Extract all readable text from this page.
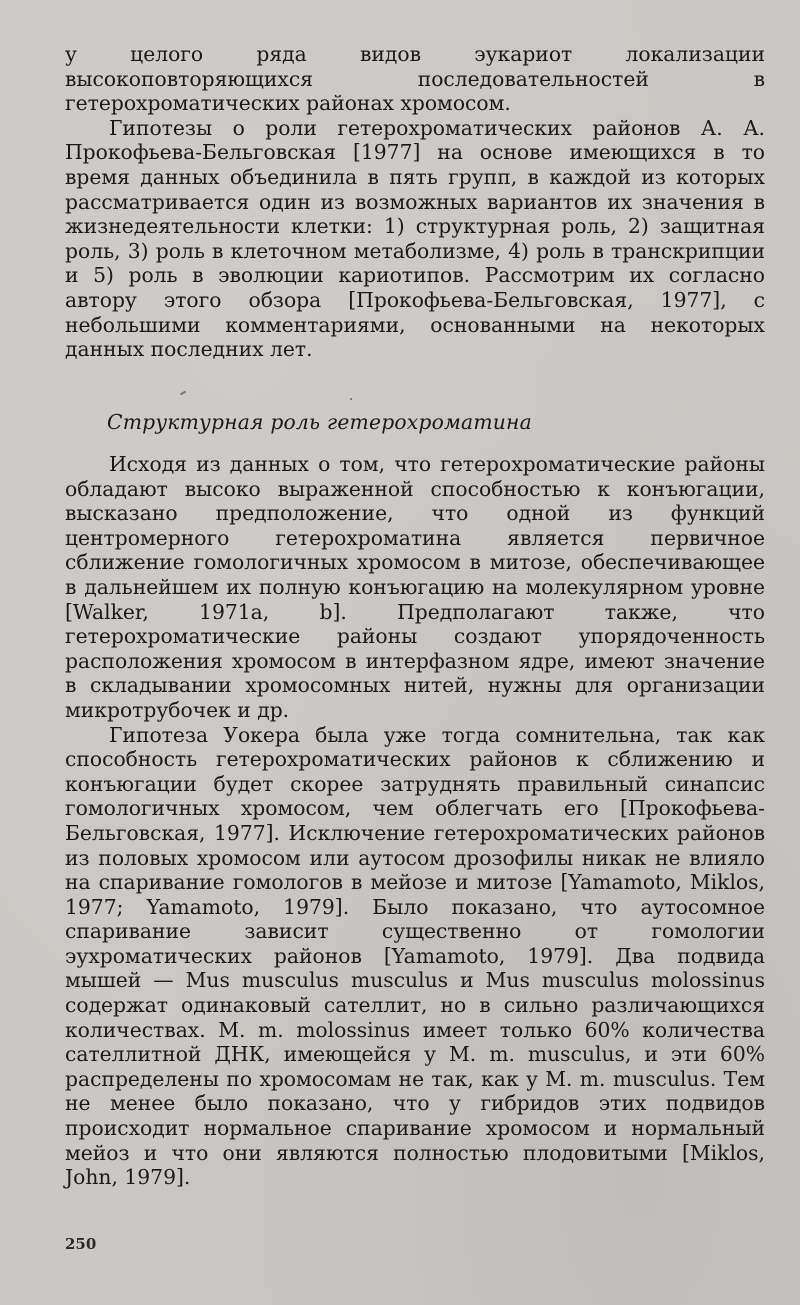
у целого ряда видов эукариот локализации высокоповторяющихся последовательностей в гетерохроматических районах хромосом.

Гипотезы о роли гетерохроматических районов А. А. Прокофьева-Бельговская [1977] на основе имеющихся в то время данных объединила в пять групп, в каждой из которых рассматривается один из возможных вариантов их значения в жизнедеятельности клетки: 1) структурная роль, 2) защитная роль, 3) роль в клеточном метаболизме, 4) роль в транскрипции и 5) роль в эволюции кариотипов. Рассмотрим их согласно автору этого обзора [Прокофьева-Бельговская, 1977], с небольшими комментариями, основанными на некоторых данных последних лет.

Структурная роль гетерохроматина

Исходя из данных о том, что гетерохроматические районы обладают высоко выраженной способностью к конъюгации, высказано предположение, что одной из функций центромерного гетерохроматина является первичное сближение гомологичных хромосом в митозе, обеспечивающее в дальнейшем их полную конъюгацию на молекулярном уровне [Walker, 1971a, b]. Предполагают также, что гетерохроматические районы создают упорядоченность расположения хромосом в интерфазном ядре, имеют значение в складывании хромосомных нитей, нужны для организации микротрубочек и др.

Гипотеза Уокера была уже тогда сомнительна, так как способность гетерохроматических районов к сближению и конъюгации будет скорее затруднять правильный синапсис гомологичных хромосом, чем облегчать его [Прокофьева-Бельговская, 1977]. Исключение гетерохроматических районов из половых хромосом или аутосом дрозофилы никак не влияло на спаривание гомологов в мейозе и митозе [Yamamoto, Miklos, 1977; Yamamoto, 1979]. Было показано, что аутосомное спаривание зависит существенно от гомологии эухроматических районов [Yamamoto, 1979]. Два подвида мышей — Mus musculus musculus и Mus musculus molossinus содержат одинаковый сателлит, но в сильно различающихся количествах. M. m. molossinus имеет только 60% количества сателлитной ДНК, имеющейся у M. m. musculus, и эти 60% распределены по хромосомам не так, как у M. m. musculus. Тем не менее было показано, что у гибридов этих подвидов происходит нормальное спаривание хромосом и нормальный мейоз и что они являются полностью плодовитыми [Miklos, John, 1979].

250
